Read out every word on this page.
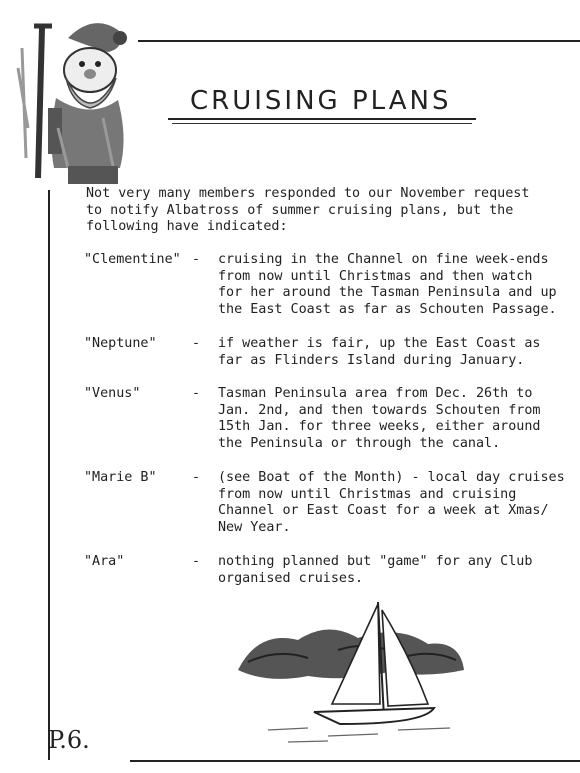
CRUISING PLANS
Not very many members responded to our November request
to notify Albatross of summer cruising plans, but the
following have indicated:
"Clementine" - cruising in the Channel on fine week-ends
from now until Christmas and then watch
for her around the Tasman Peninsula and up
the East Coast as far as Schouten Passage.
"Neptune"	- if weather is fair, up the East Coast as
far as Flinders Island during January.
"Venus"	- Tasman Peninsula area from Dec. 26th to
Jan. 2nd, and then towards Schouten from
15th Jan. for three weeks, either around
the Peninsula or through the canal.
"Marie B"	- (see Boat of the Month) - local day cruises
from now until Christmas and cruising
Channel or East Coast for a week at Xmas/
New Year.
"Ara"	- nothing planned but "game" for any Club
organised cruises.
P.6.
